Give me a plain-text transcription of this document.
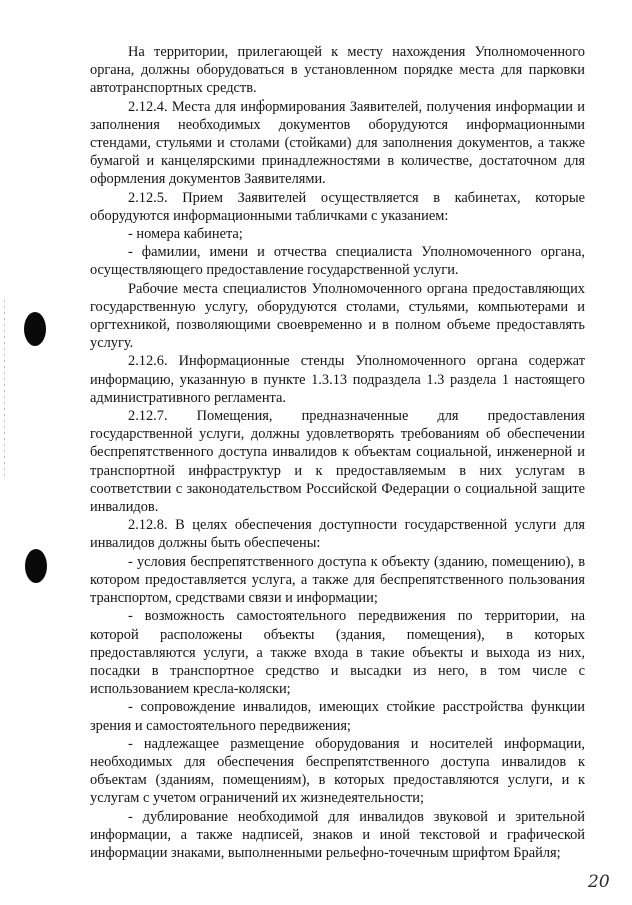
На территории, прилегающей к месту нахождения Уполномоченного органа, должны оборудоваться в установленном порядке места для парковки автотранспортных средств.

2.12.4. Места для информирования Заявителей, получения информации и заполнения необходимых документов оборудуются информационными стендами, стульями и столами (стойками) для заполнения документов, а также бумагой и канцелярскими принадлежностями в количестве, достаточном для оформления документов Заявителями.

2.12.5. Прием Заявителей осуществляется в кабинетах, которые оборудуются информационными табличками с указанием:

- номера кабинета;

- фамилии, имени и отчества специалиста Уполномоченного органа, осуществляющего предоставление государственной услуги.

Рабочие места специалистов Уполномоченного органа предоставляющих государственную услугу, оборудуются столами, стульями, компьютерами и оргтехникой, позволяющими своевременно и в полном объеме предоставлять услугу.

2.12.6. Информационные стенды Уполномоченного органа содержат информацию, указанную в пункте 1.3.13 подраздела 1.3 раздела 1 настоящего административного регламента.

2.12.7. Помещения, предназначенные для предоставления государственной услуги, должны удовлетворять требованиям об обеспечении беспрепятственного доступа инвалидов к объектам социальной, инженерной и транспортной инфраструктур и к предоставляемым в них услугам в соответствии с законодательством Российской Федерации о социальной защите инвалидов.

2.12.8. В целях обеспечения доступности государственной услуги для инвалидов должны быть обеспечены:

- условия беспрепятственного доступа к объекту (зданию, помещению), в котором предоставляется услуга, а также для беспрепятственного пользования транспортом, средствами связи и информации;

- возможность самостоятельного передвижения по территории, на которой расположены объекты (здания, помещения), в которых предоставляются услуги, а также входа в такие объекты и выхода из них, посадки в транспортное средство и высадки из него, в том числе с использованием кресла-коляски;

- сопровождение инвалидов, имеющих стойкие расстройства функции зрения и самостоятельного передвижения;

- надлежащее размещение оборудования и носителей информации, необходимых для обеспечения беспрепятственного доступа инвалидов к объектам (зданиям, помещениям), в которых предоставляются услуги, и к услугам с учетом ограничений их жизнедеятельности;

- дублирование необходимой для инвалидов звуковой и зрительной информации, а также надписей, знаков и иной текстовой и графической информации знаками, выполненными рельефно-точечным шрифтом Брайля;

20
